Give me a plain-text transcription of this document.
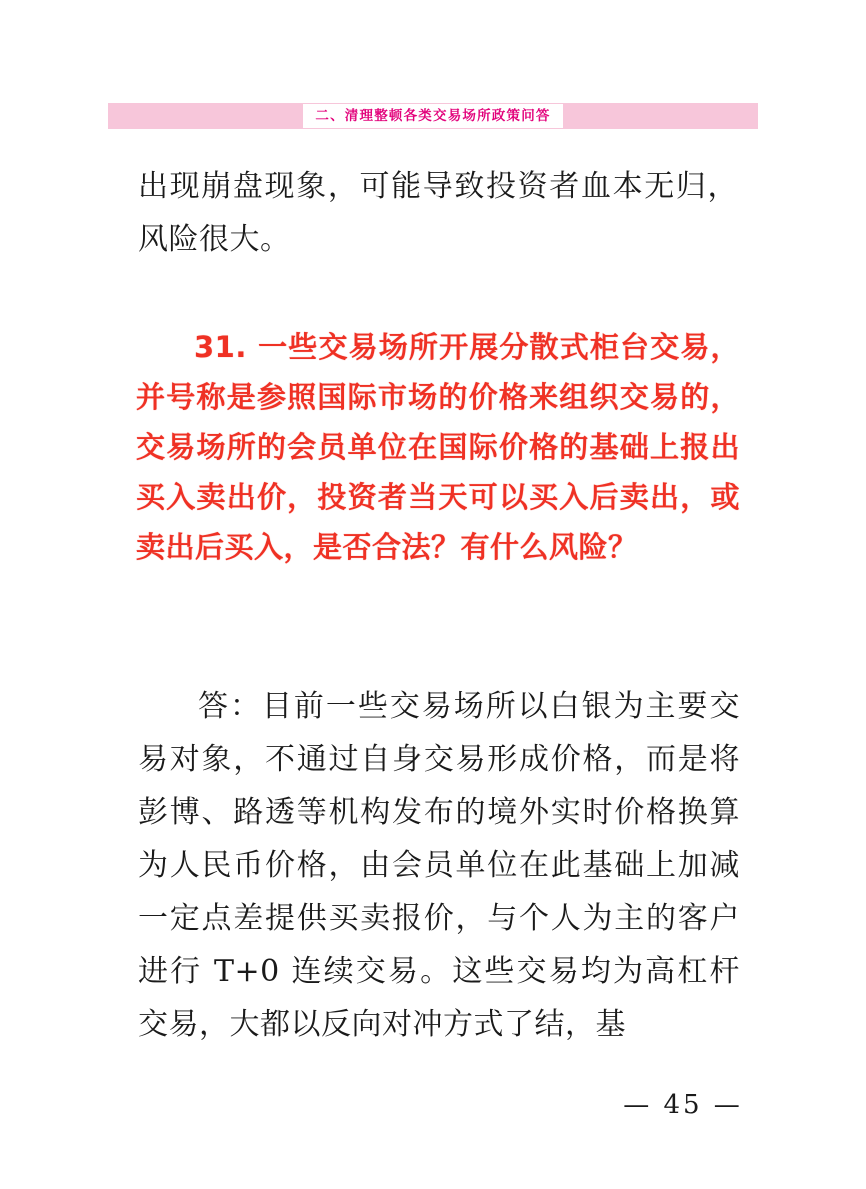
二、清理整顿各类交易场所政策问答

出现崩盘现象，可能导致投资者血本无归，风险很大。

31. 一些交易场所开展分散式柜台交易，并号称是参照国际市场的价格来组织交易的，交易场所的会员单位在国际价格的基础上报出买入卖出价，投资者当天可以买入后卖出，或卖出后买入，是否合法？有什么风险？

答：目前一些交易场所以白银为主要交易对象，不通过自身交易形成价格，而是将彭博、路透等机构发布的境外实时价格换算为人民币价格，由会员单位在此基础上加减一定点差提供买卖报价，与个人为主的客户进行 T+0 连续交易。这些交易均为高杠杆交易，大都以反向对冲方式了结，基

— 45 —
